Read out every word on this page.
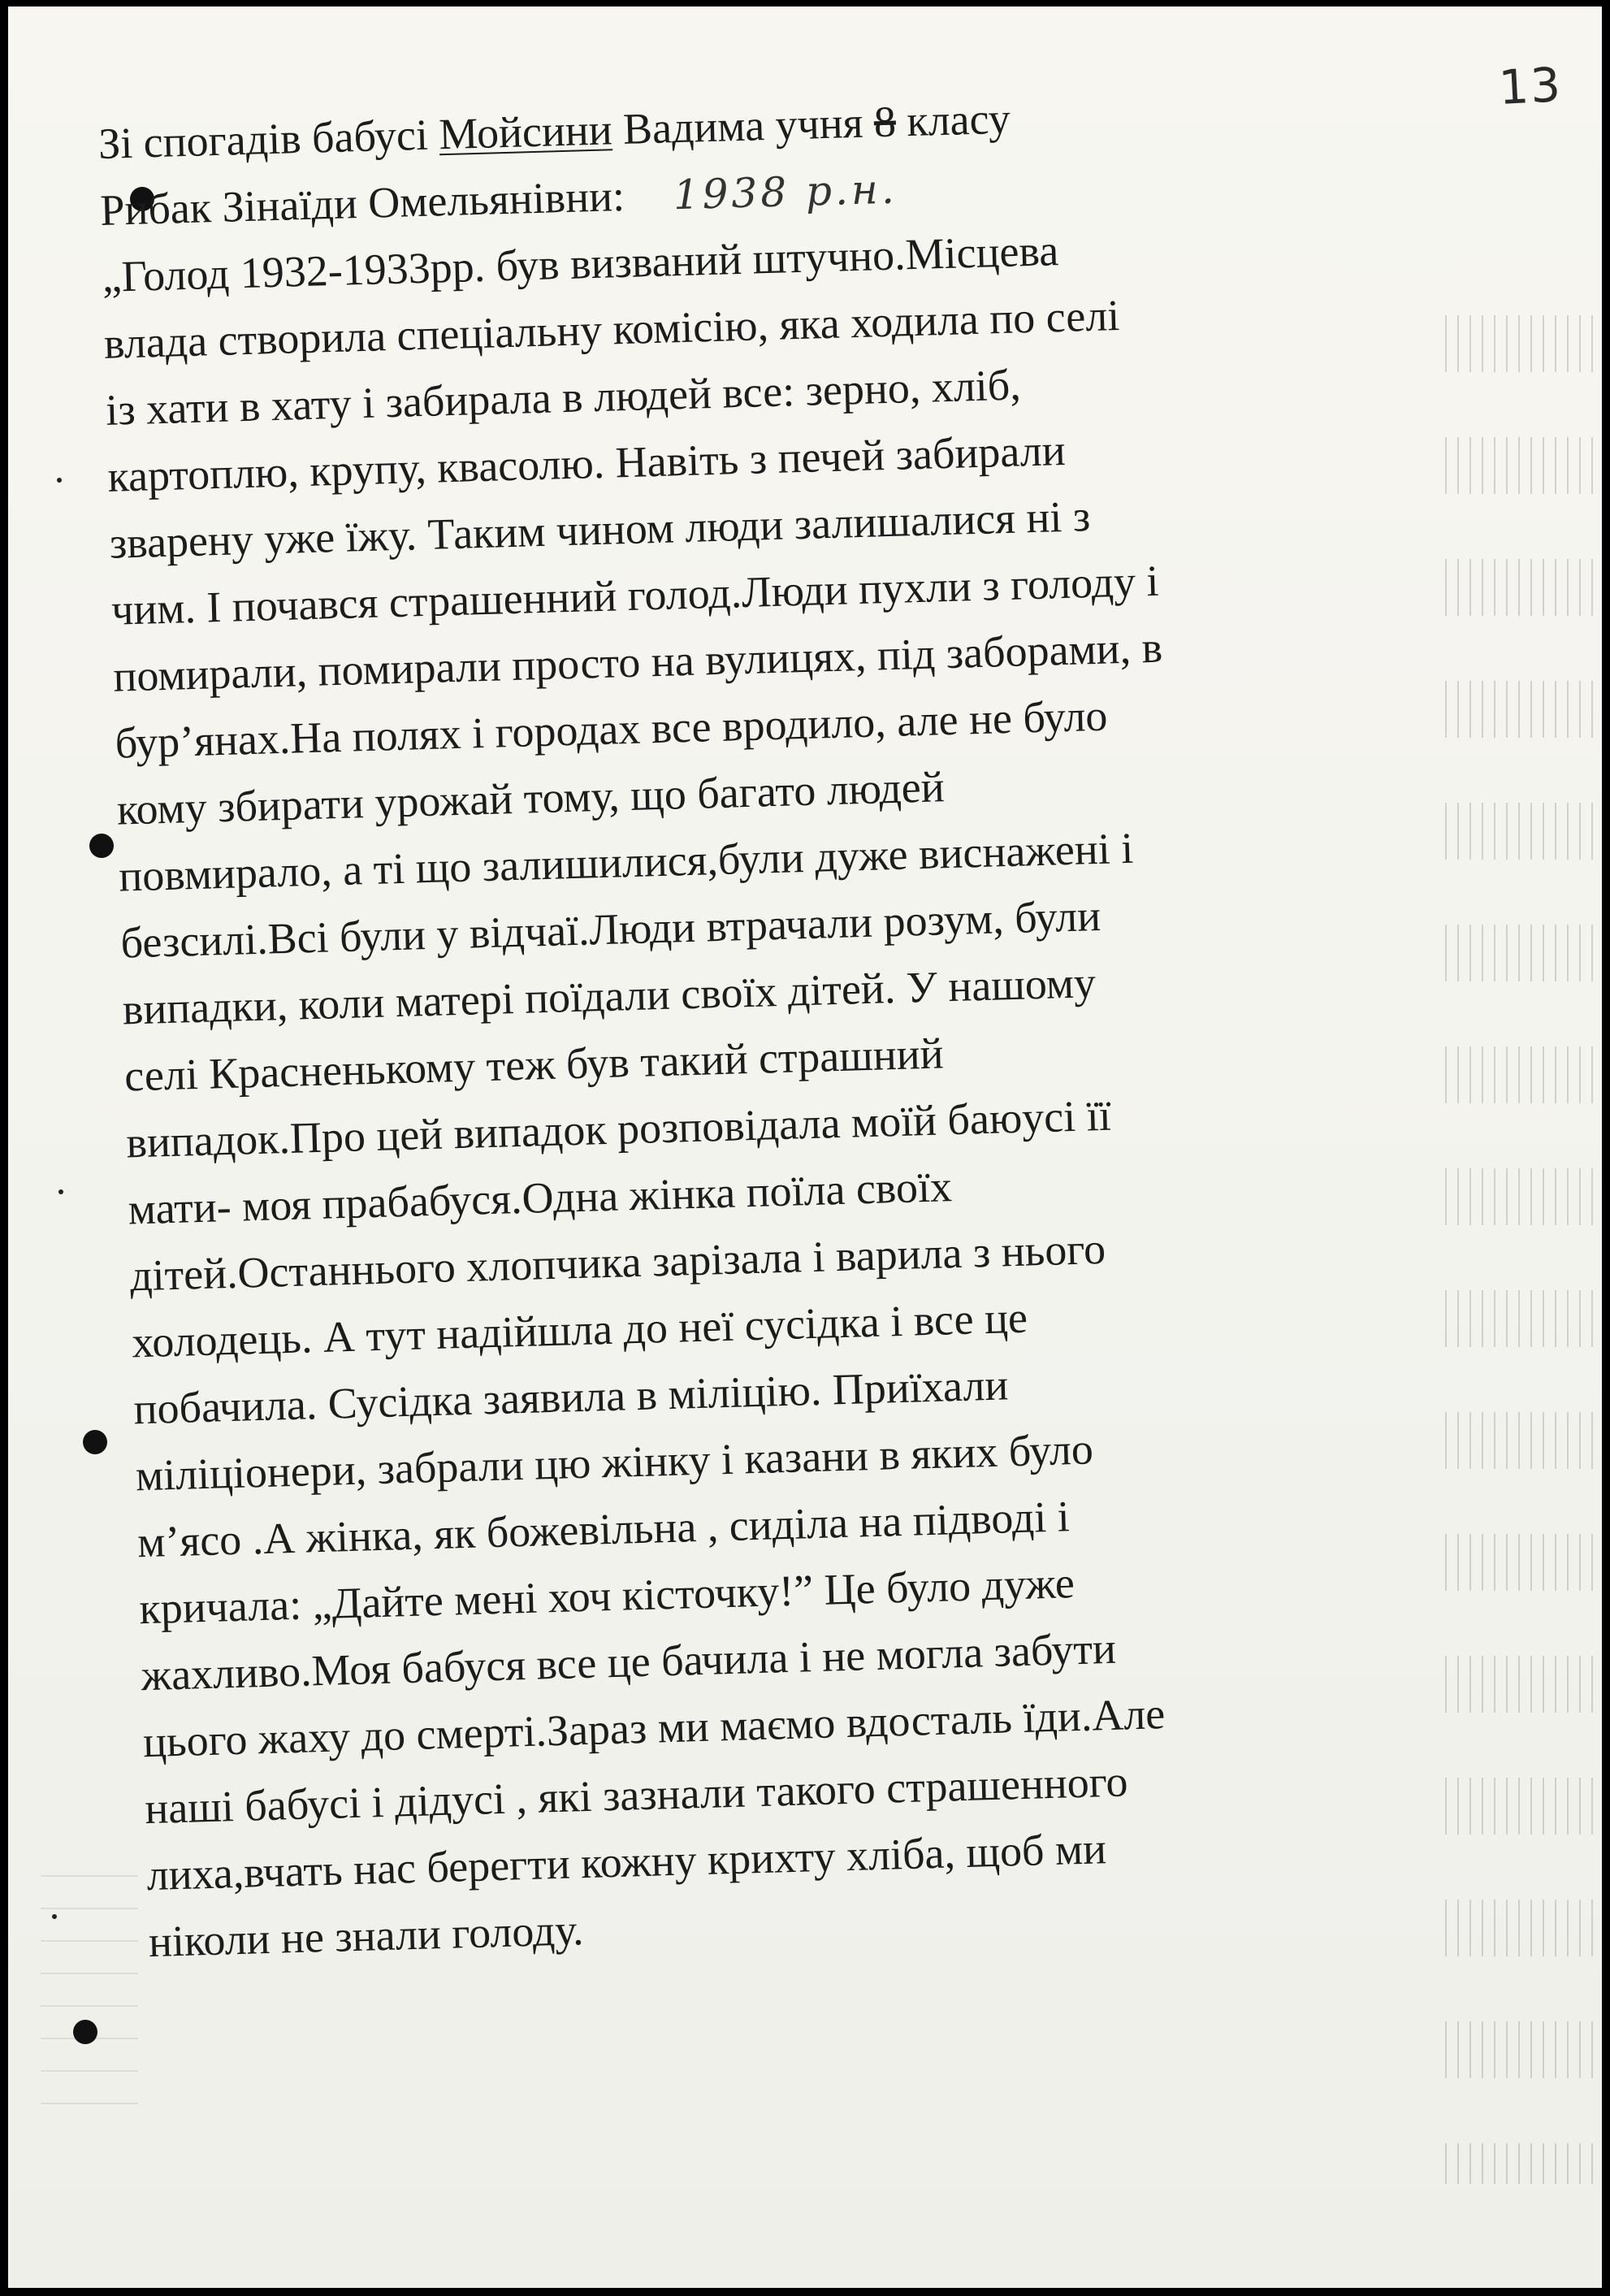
13
Зі спогадів бабусі Мойсини Вадима учня 8 класу
Рибак Зінаїди Омельянівни: 1938 р.н.
„Голод 1932-1933рр. був визваний штучно.Місцева
влада створила спеціальну комісію, яка ходила по селі
із хати в хату і забирала в людей все: зерно, хліб,
картоплю, крупу, квасолю. Навіть з печей забирали
зварену уже їжу. Таким чином люди залишалися ні з
чим. І почався страшенний голод.Люди пухли з голоду і
помирали, помирали просто на вулицях, під заборами, в
бур’янах.На полях і городах все вродило, але не було
кому збирати урожай тому, що багато людей
повмирало, а ті що залишилися,були дуже виснажені і
безсилі.Всі були у відчаї.Люди втрачали розум, були
випадки, коли матері поїдали своїх дітей. У нашому
селі Красненькому теж був такий страшний
випадок.Про цей випадок розповідала моїй баюусі її
мати- моя прабабуся.Одна жінка поїла своїх
дітей.Останнього хлопчика зарізала і варила з нього
холодець. А тут надійшла до неї сусідка і все це
побачила. Сусідка заявила в міліцію. Приїхали
міліціонери, забрали цю жінку і казани в яких було
м’ясо .А жінка, як божевільна , сиділа на підводі і
кричала: „Дайте мені хоч кісточку!” Це було дуже
жахливо.Моя бабуся все це бачила і не могла забути
цього жаху до смерті.Зараз ми маємо вдосталь їди.Але
наші бабусі і дідусі , які зазнали такого страшенного
лиха,вчать нас берегти кожну крихту хліба, щоб ми
ніколи не знали голоду.
